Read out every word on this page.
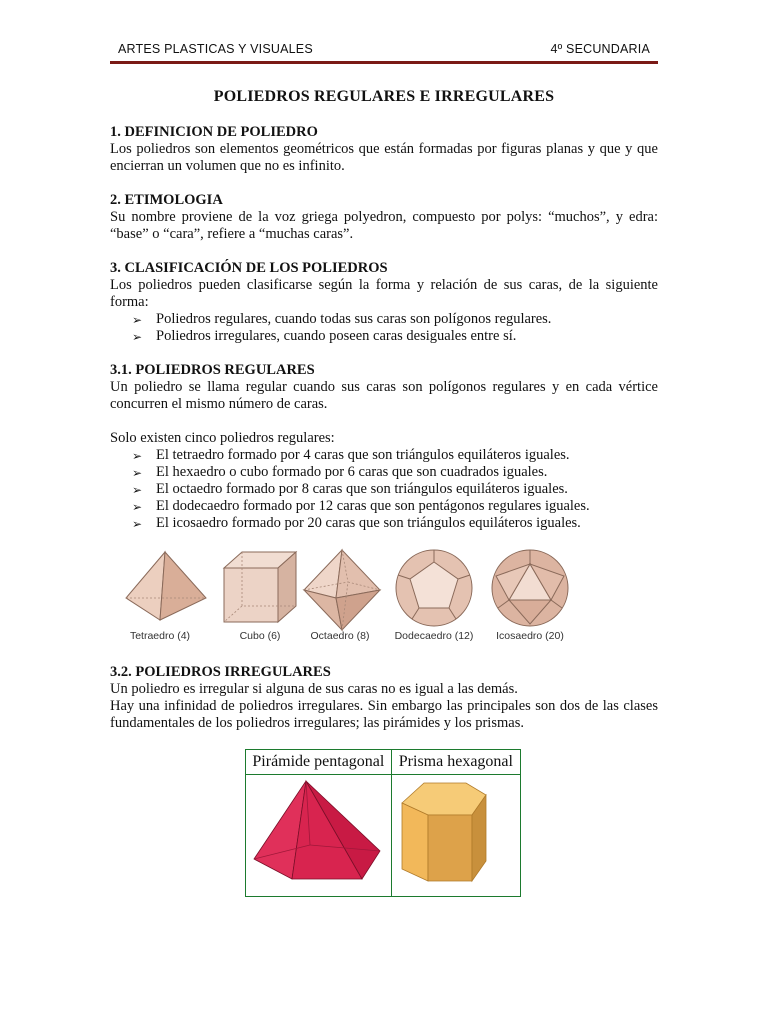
ARTES PLASTICAS Y VISUALES	4º SECUNDARIA
POLIEDROS REGULARES E IRREGULARES
1. DEFINICION DE POLIEDRO

Los poliedros son elementos geométricos que están formadas por figuras planas y que y que encierran un volumen que no es infinito.

2. ETIMOLOGIA

Su nombre proviene de la voz griega polyedron, compuesto por polys: “muchos”, y edra: “base” o “cara”, refiere a “muchas caras”.

3. CLASIFICACIÓN DE LOS POLIEDROS

Los poliedros pueden clasificarse según la forma y relación de sus caras, de la siguiente forma:

➢ Poliedros regulares, cuando todas sus caras son polígonos regulares.
➢ Poliedros irregulares, cuando poseen caras desiguales entre sí.
3.1. POLIEDROS REGULARES

Un poliedro se llama regular cuando sus caras son polígonos regulares y en cada vértice concurren el mismo número de caras.

Solo existen cinco poliedros regulares:

➢ El tetraedro formado por 4 caras que son triángulos equiláteros iguales.
➢ El hexaedro o cubo formado por 6 caras que son cuadrados iguales.
➢ El octaedro formado por 8 caras que son triángulos equiláteros iguales.
➢ El dodecaedro formado por 12 caras que son pentágonos regulares iguales.
➢ El icosaedro formado por 20 caras que son triángulos equiláteros iguales.
Tetraedro (4)	Cubo (6)	Octaedro (8)	Dodecaedro (12)	Icosaedro (20)
3.2. POLIEDROS IRREGULARES

Un poliedro es irregular si alguna de sus caras no es igual a las demás.

Hay una infinidad de poliedros irregulares. Sin embargo las principales son dos de las clases fundamentales de los poliedros irregulares; las pirámides y los prismas.

Pirámide pentagonal	Prisma hexagonal
